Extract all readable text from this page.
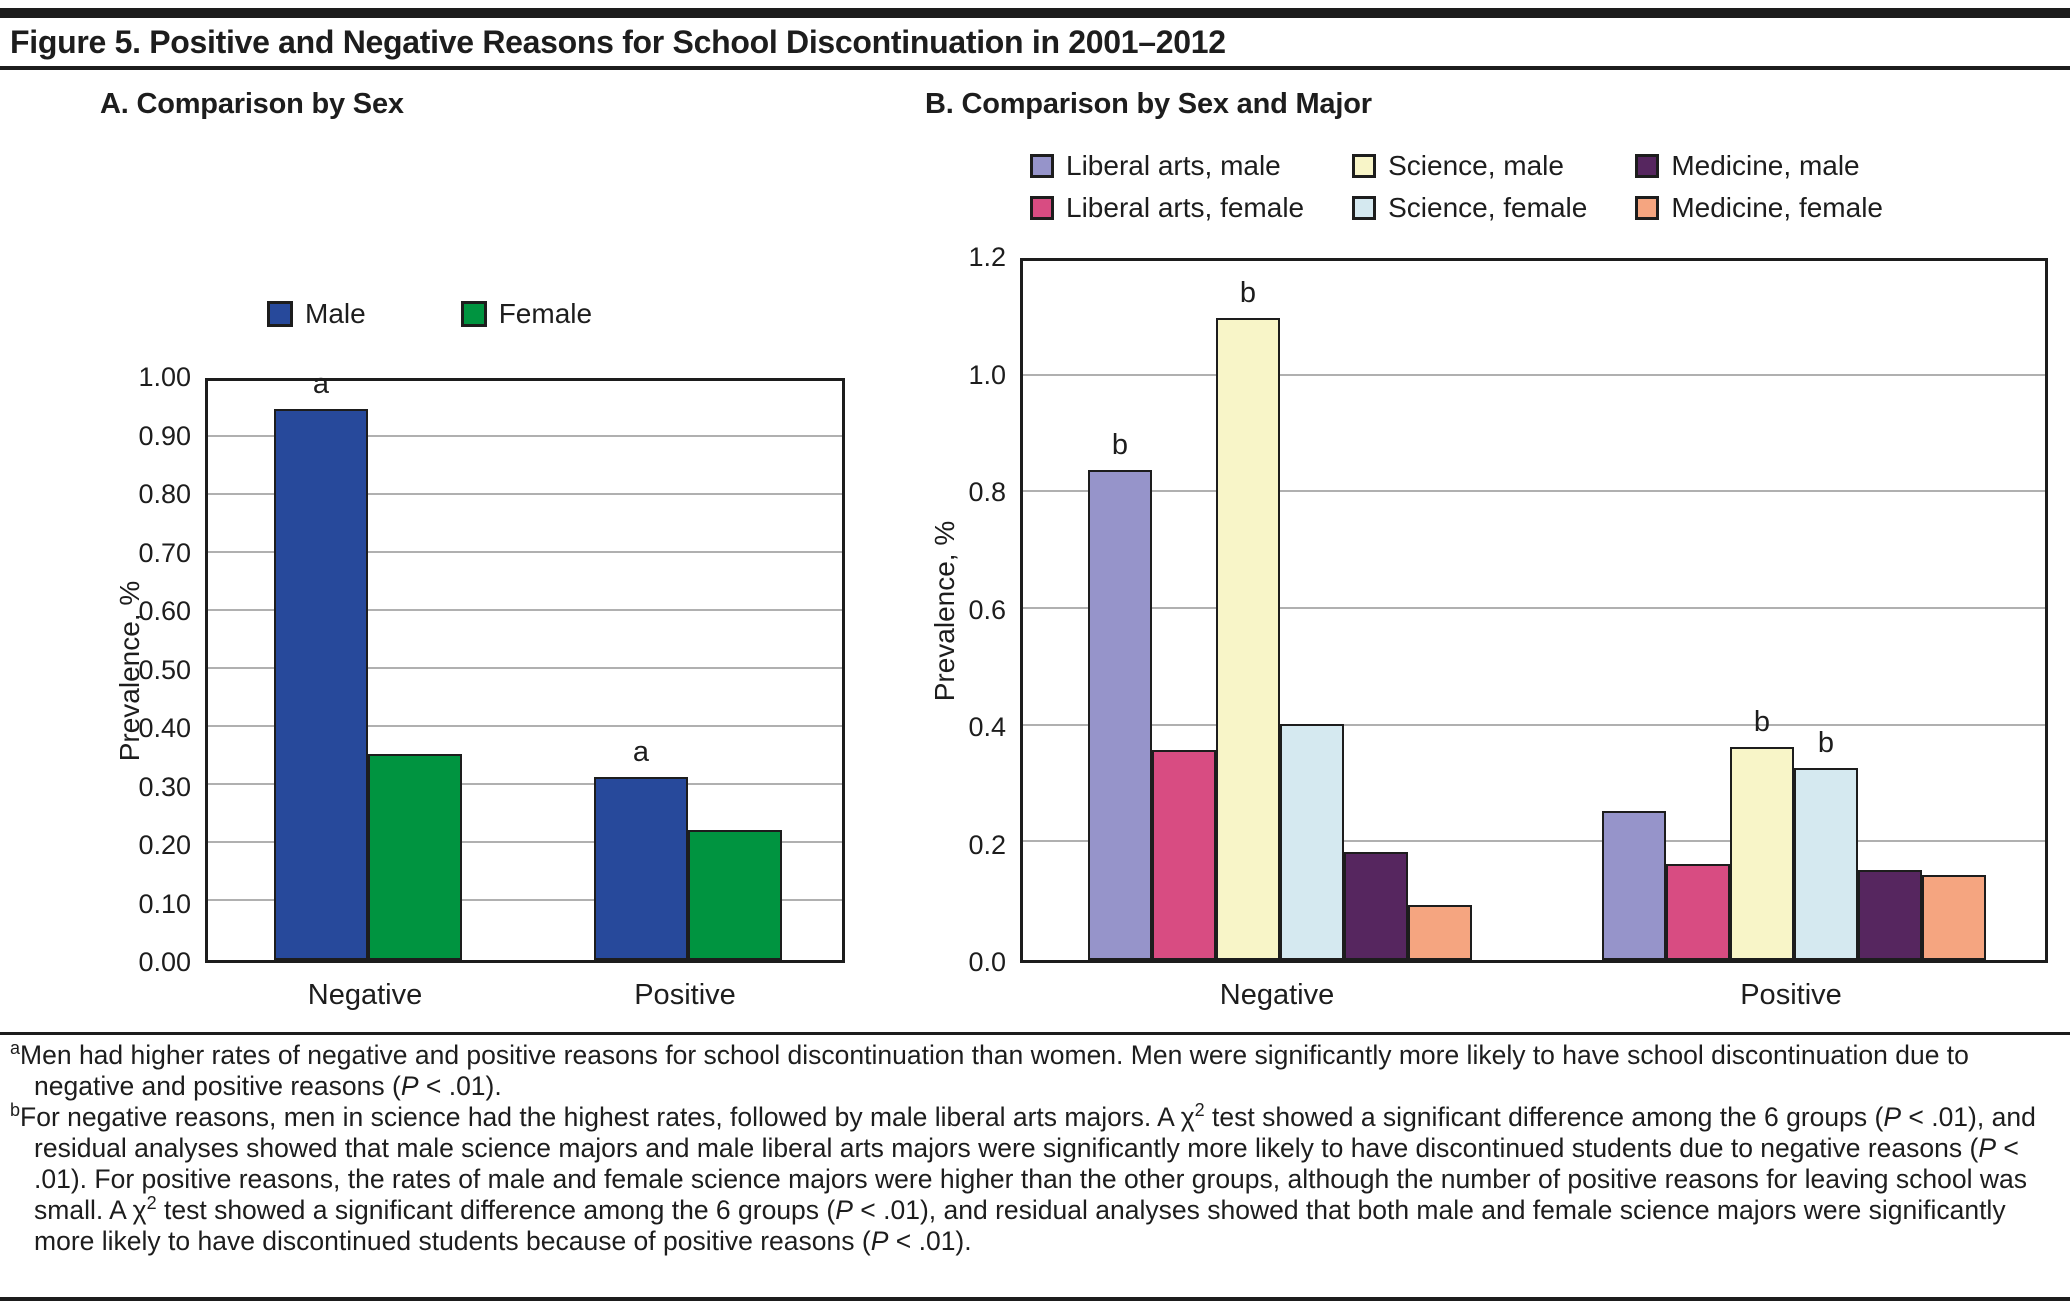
Figure 5. Positive and Negative Reasons for School Discontinuation in 2001–2012
A. Comparison by Sex	B. Comparison by Sex and Major
Liberal arts, male
Liberal arts, female
Science, male
Science, female
Medicine, male
Medicine, female
Male	Female
Prevalence, %
a
a
0.00
0.10
0.20
0.30
0.40
0.50
0.60
0.70
0.80
0.90
1.00
Negative	Positive
Prevalence, %
b
b
b
b
0.0
0.2
0.4
0.6
0.8
1.0
1.2
Negative	Positive

$^a$Men had higher rates of negative and positive reasons for school discontinuation than women. Men were significantly more likely to have school discontinuation due to negative and positive reasons (P < .01).

$^b$For negative reasons, men in science had the highest rates, followed by male liberal arts majors. A $\chi^2$ test showed a significant difference among the 6 groups (P < .01), and residual analyses showed that male science majors and male liberal arts majors were significantly more likely to have discontinued students due to negative reasons (P < .01). For positive reasons, the rates of male and female science majors were higher than the other groups, although the number of positive reasons for leaving school was small. A $\chi^2$ test showed a significant difference among the 6 groups (P < .01), and residual analyses showed that both male and female science majors were significantly more likely to have discontinued students because of positive reasons (P < .01).
